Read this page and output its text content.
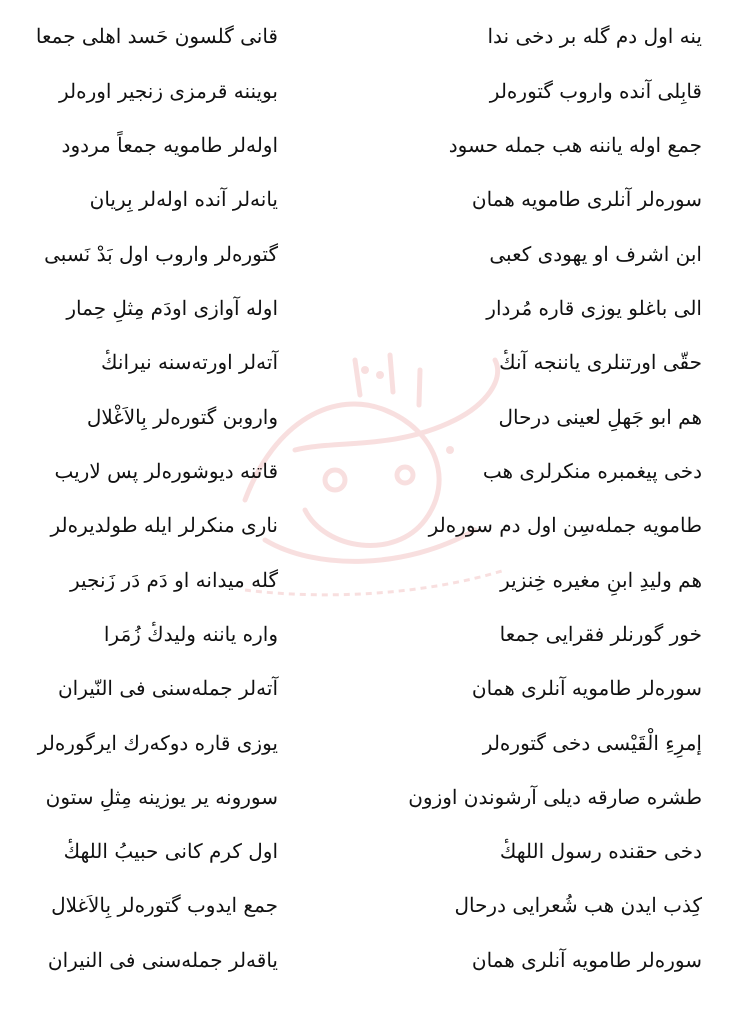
ینه اول دم گله بر دخی ندا
قانی گلسون حَسد اهلی جمعا
قابِلی آنده واروب گتورەلر
بویننه قرمزی زنجیر اورەلر
جمع اوله یاننه هب جمله حسود
اولەلر طامویه جمعاً مردود
سورەلر آنلری طامویه همان
یانەلر آنده اولەلر بِریان
ابن اشرف او یهودی کعبی
گتورەلر واروب اول بَدْ نَسبی
الی باغلو یوزی قاره مُردار
اوله آوازی اودَم مِثلِ حِمار
حقّی اورتنلری یاننجه آنكٔ
آتەلر اورتەسنه نیرانكٔ
هم ابو جَهلِ لعینی درحال
واروبن گتورەلر بِالاَغْلال
دخی پیغمبره منکرلری هب
قاتنه دیوشورەلر پس لاریب
طامویه جملەسِن اول دم سورەلر
ناری منکرلر ایله طولدیرەلر
هم ولیدِ ابنِ مغیره خِنزیر
گله میدانه او دَم دَر زَنجیر
خور گورنلر فقرایی جمعا
واره یاننه ولیدكٔ زُمَرا
سورەلر طامویه آنلری همان
آتەلر جملەسنی فی النّیران
إمرِءِ الْقَیْسی دخی گتورەلر
یوزی قاره دوکەرك ایرگورەلر
طشره صارقه دیلی آرشوندن اوزون
سورونه یر یوزینه مِثلِ ستون
دخی حقنده رسول اللهكٔ
اول کرم کانی حبیبُ اللهكٔ
کِذب ایدن هب شُعرایی درحال
جمع ایدوب گتورەلر بِالاَغلال
سورەلر طامویه آنلری همان
یاقەلر جملەسنی فی النیران
